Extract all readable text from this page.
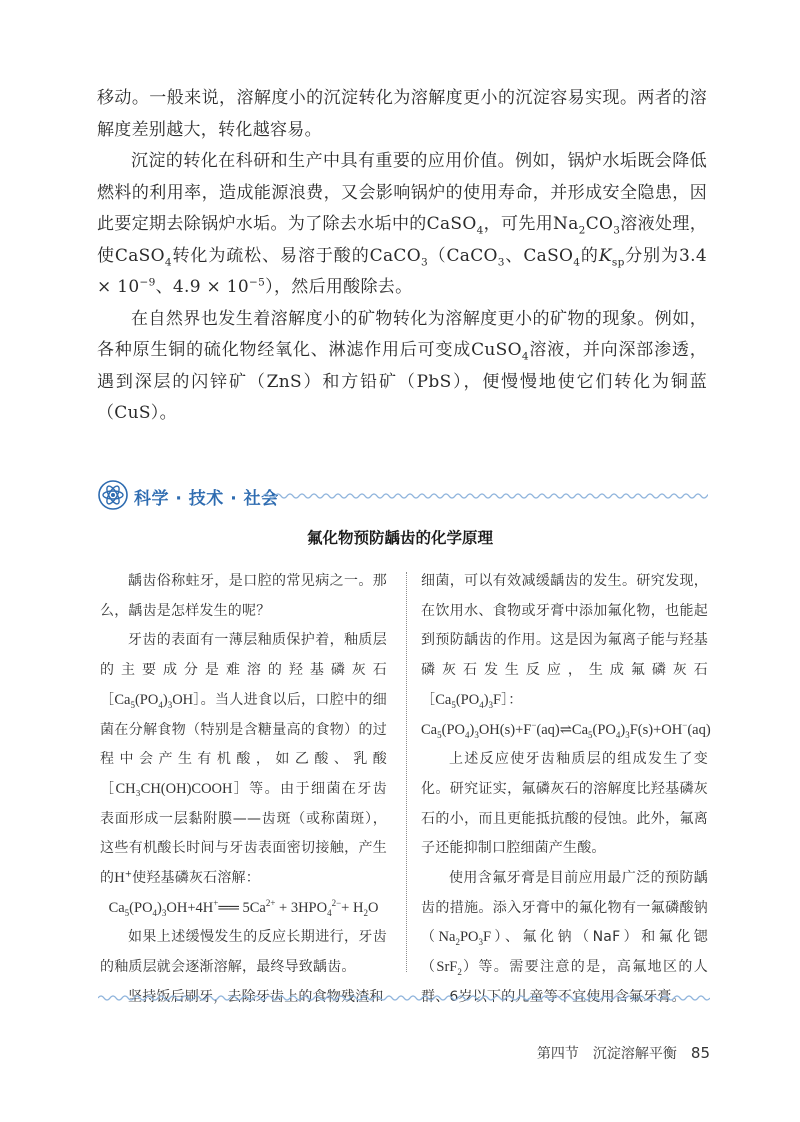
移动。一般来说，溶解度小的沉淀转化为溶解度更小的沉淀容易实现。两者的溶解度差别越大，转化越容易。

沉淀的转化在科研和生产中具有重要的应用价值。例如，锅炉水垢既会降低燃料的利用率，造成能源浪费，又会影响锅炉的使用寿命，并形成安全隐患，因此要定期去除锅炉水垢。为了除去水垢中的CaSO$_4$，可先用$Na_2CO_3$溶液处理，使CaSO$_4$转化为疏松、易溶于酸的CaCO$_3$（CaCO$_3$、CaSO$_4$的$K_{sp}$分别为$3.4 \times 10^{-9}$、$4.9 \times 10^{-5}$），然后用酸除去。

在自然界也发生着溶解度小的矿物转化为溶解度更小的矿物的现象。例如，各种原生铜的硫化物经氧化、淋滤作用后可变成CuSO$_4$溶液，并向深部渗透，遇到深层的闪锌矿（ZnS）和方铅矿（PbS），便慢慢地使它们转化为铜蓝（CuS）。

科学 · 技术 · 社会
氟化物预防龋齿的化学原理

龋齿俗称蛀牙，是口腔的常见病之一。那么，龋齿是怎样发生的呢？

牙齿的表面有一薄层釉质保护着，釉质层的主要成分是难溶的羟基磷灰石$[Ca_5(PO_4)_3OH]$。当人进食以后，口腔中的细菌在分解食物（特别是含糖量高的食物）的过程中会产生有机酸，如乙酸、乳酸［CH₃CH(OH)COOH］等。由于细菌在牙齿表面形成一层黏附膜——齿斑（或称菌斑），这些有机酸长时间与牙齿表面密切接触，产生的H+使羟基磷灰石溶解：

$Ca_5(PO_4)_3OH+4H^+══$ $5Ca^{2+} + 3HPO_4^{2-}+ H_2O$

如果上述缓慢发生的反应长期进行，牙齿的釉质层就会逐渐溶解，最终导致龋齿。

坚持饭后刷牙，去除牙齿上的食物残渣和

细菌，可以有效减缓龋齿的发生。研究发现，在饮用水、食物或牙膏中添加氟化物，也能起到预防龋齿的作用。这是因为氟离子能与羟基磷灰石发生反应，生成氟磷灰石$[Ca_5(PO_4)_3F]$：

$Ca_5(PO_4)_3OH(s)+F^-(aq)\rightleftharpoons Ca_5(PO_4)_3F(s)+OH^-(aq)$

上述反应使牙齿釉质层的组成发生了变化。研究证实，氟磷灰石的溶解度比羟基磷灰石的小，而且更能抵抗酸的侵蚀。此外，氟离子还能抑制口腔细菌产生酸。

使用含氟牙膏是目前应用最广泛的预防龋齿的措施。添入牙膏中的氟化物有一氟磷酸钠$(Na_2PO_3F)$、氟化钠（NaF）和氟化锶（SrF$_2$）等。需要注意的是，高氟地区的人群、6岁以下的儿童等不宜使用含氟牙膏。

第四节　沉淀溶解平衡 85
